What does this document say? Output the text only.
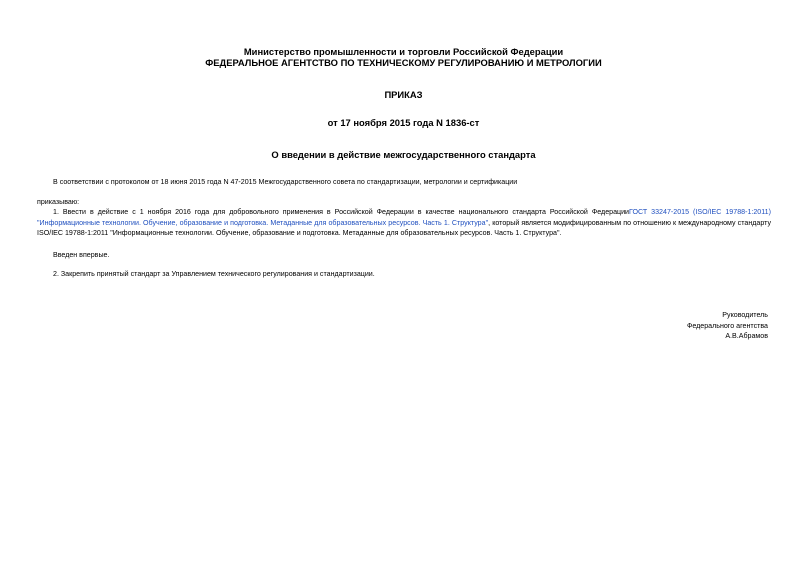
Министерство промышленности и торговли Российской Федерации
ФЕДЕРАЛЬНОЕ АГЕНТСТВО ПО ТЕХНИЧЕСКОМУ РЕГУЛИРОВАНИЮ И МЕТРОЛОГИИ
ПРИКАЗ
от 17 ноября 2015 года N 1836-ст
О введении в действие межгосударственного стандарта
В соответствии с протоколом от 18 июня 2015 года N 47-2015 Межгосударственного совета по стандартизации, метрологии и сертификации
приказываю:
1. Ввести в действие с 1 ноября 2016 года для добровольного применения в Российской Федерации в качестве национального стандарта Российской ФедерацииГОСТ 33247-2015 (ISO/IEC 19788-1:2011) "Информационные технологии. Обучение, образование и подготовка. Метаданные для образовательных ресурсов. Часть 1. Структура", который является модифицированным по отношению к международному стандарту ISO/IEC 19788-1:2011 "Информационные технологии. Обучение, образование и подготовка. Метаданные для образовательных ресурсов. Часть 1. Структура".
Введен впервые.
2. Закрепить принятый стандарт за Управлением технического регулирования и стандартизации.
Руководитель
Федерального агентства
А.В.Абрамов
